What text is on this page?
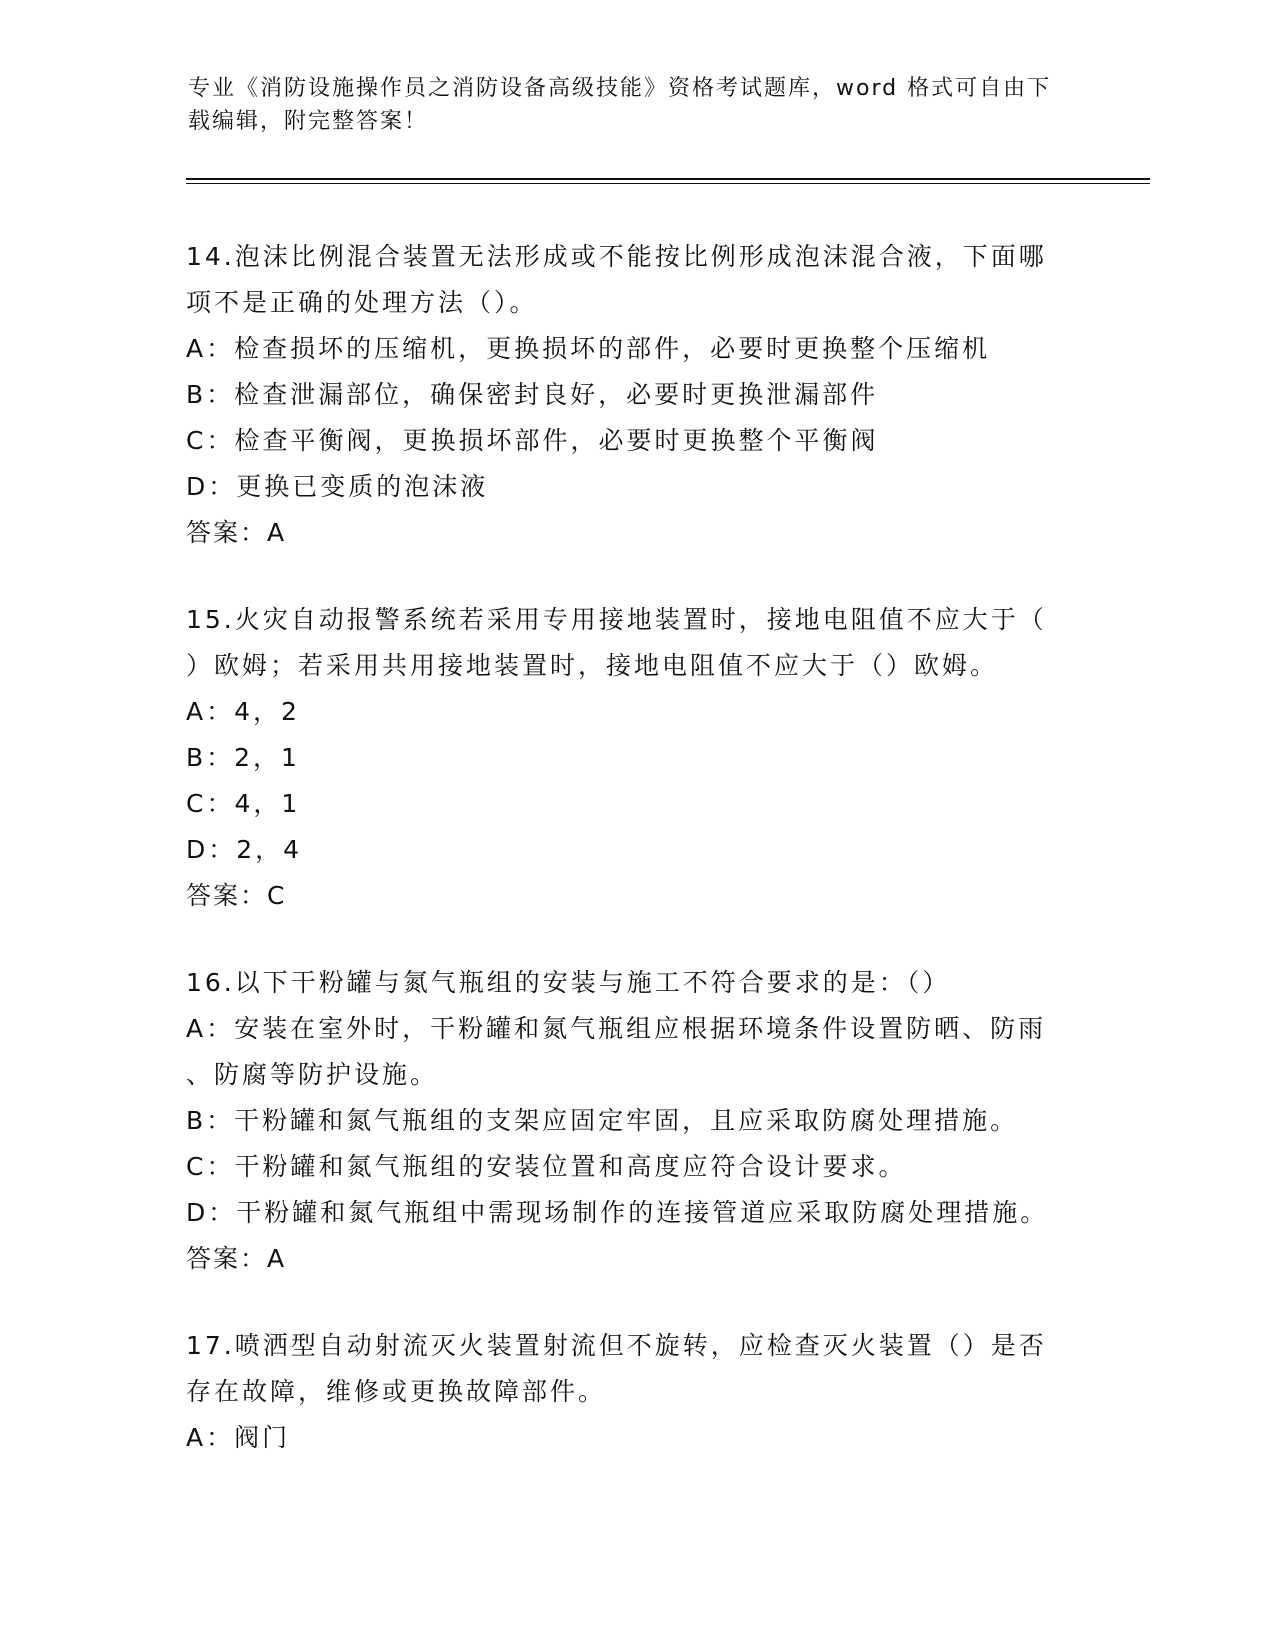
专业《消防设施操作员之消防设备高级技能》资格考试题库，word 格式可自由下
载编辑，附完整答案！

14.泡沫比例混合装置无法形成或不能按比例形成泡沫混合液，下面哪

项不是正确的处理方法（）。

A：检查损坏的压缩机，更换损坏的部件，必要时更换整个压缩机

B：检查泄漏部位，确保密封良好，必要时更换泄漏部件

C：检查平衡阀，更换损坏部件，必要时更换整个平衡阀

D：更换已变质的泡沫液

答案：A

15.火灾自动报警系统若采用专用接地装置时，接地电阻值不应大于（

）欧姆；若采用共用接地装置时，接地电阻值不应大于（）欧姆。

A：4，2

B：2，1

C：4，1

D：2，4

答案：C

16.以下干粉罐与氮气瓶组的安装与施工不符合要求的是：（）

A：安装在室外时，干粉罐和氮气瓶组应根据环境条件设置防晒、防雨

、防腐等防护设施。

B：干粉罐和氮气瓶组的支架应固定牢固，且应采取防腐处理措施。

C：干粉罐和氮气瓶组的安装位置和高度应符合设计要求。

D：干粉罐和氮气瓶组中需现场制作的连接管道应采取防腐处理措施。

答案：A

17.喷洒型自动射流灭火装置射流但不旋转，应检查灭火装置（）是否

存在故障，维修或更换故障部件。

A：阀门
